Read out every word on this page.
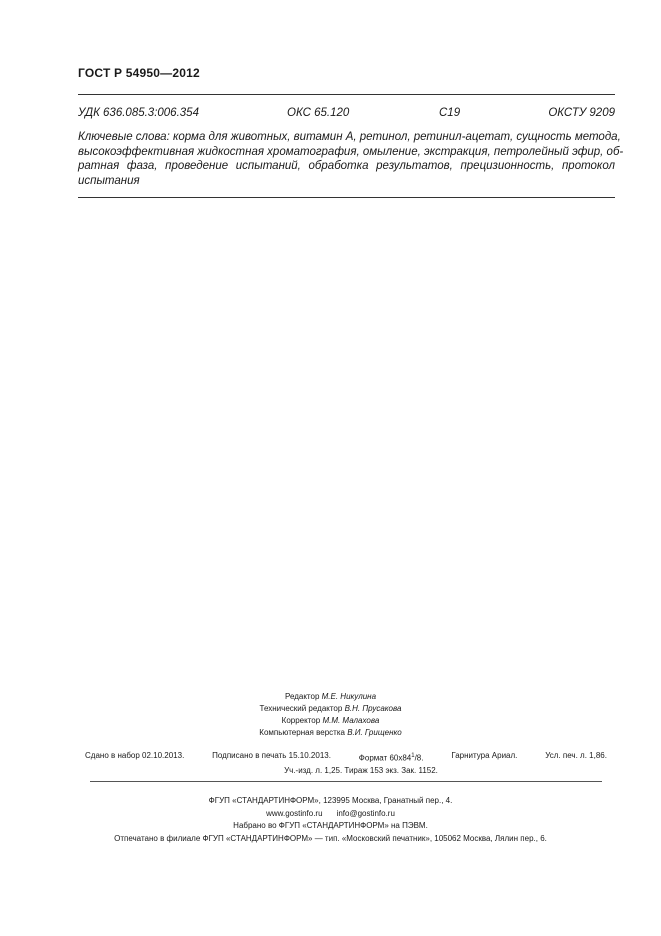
ГОСТ Р 54950—2012
УДК 636.085.3:006.354	ОКС 65.120	С19	ОКСТУ 9209
Ключевые слова: корма для животных, витамин А, ретинол, ретинил-ацетат, сущность метода,
высокоэффективная жидкостная хроматография, омыление, экстракция, петролейный эфир, об-
ратная фаза, проведение испытаний, обработка результатов, прецизионность, протокол
испытания
Редактор М.Е. Никулина
Технический редактор В.Н. Прусакова
Корректор М.М. Малахова
Компьютерная верстка В.И. Грищенко
Сдано в набор 02.10.2013.	Подписано в печать 15.10.2013.	Формат $60х84^1/8$.	Гарнитура Ариал.	Усл. печ. л. 1,86.
Уч.-изд. л. 1,25. Тираж 153 экз. Зак. 1152.
ФГУП «СТАНДАРТИНФОРМ», 123995 Москва, Гранатный пер., 4.
www.gostinfo.ru info@gostinfo.ru
Набрано во ФГУП «СТАНДАРТИНФОРМ» на ПЭВМ.
Отпечатано в филиале ФГУП «СТАНДАРТИНФОРМ» — тип. «Московский печатник», 105062 Москва, Лялин пер., 6.
